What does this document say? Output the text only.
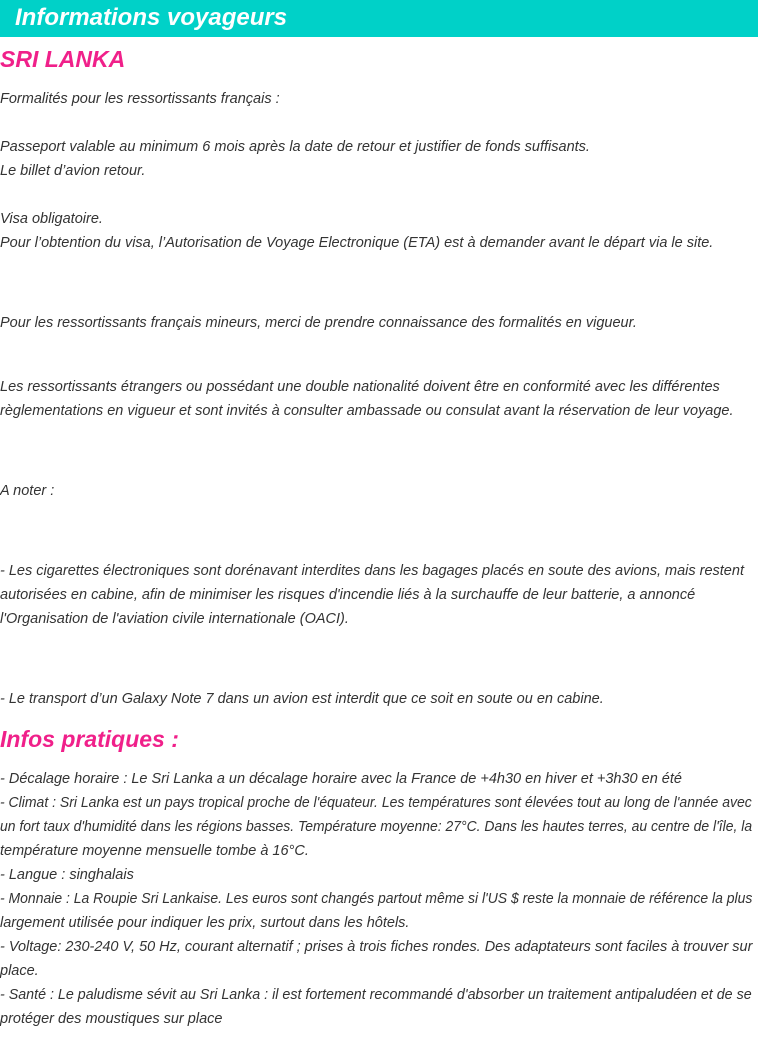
Informations voyageurs
SRI LANKA
Formalités pour les ressortissants français :
Passeport valable au minimum 6 mois après la date de retour et justifier de fonds suffisants.
Le billet d’avion retour.
Visa obligatoire.
Pour l’obtention du visa, l’Autorisation de Voyage Electronique (ETA) est à demander avant le départ via le site.
Pour les ressortissants français mineurs, merci de prendre connaissance des formalités en vigueur.
Les ressortissants étrangers ou possédant une double nationalité doivent être en conformité avec les différentes
règlementations en vigueur et sont invités à consulter ambassade ou consulat avant la réservation de leur voyage.
A noter :
- Les cigarettes électroniques sont dorénavant interdites dans les bagages placés en soute des avions, mais restent
autorisées en cabine, afin de minimiser les risques d'incendie liés à la surchauffe de leur batterie, a annoncé
l'Organisation de l'aviation civile internationale (OACI).
- Le transport d’un Galaxy Note 7 dans un avion est interdit que ce soit en soute ou en cabine.
Infos pratiques :
- Décalage horaire : Le Sri Lanka a un décalage horaire avec la France de +4h30 en hiver et +3h30 en été
- Climat : Sri Lanka est un pays tropical proche de l'équateur. Les températures sont élevées tout au long de l'année avec
un fort taux d'humidité dans les régions basses. Température moyenne: 27°C. Dans les hautes terres, au centre de l'île, la
température moyenne mensuelle tombe à 16°C.
- Langue : singhalais
- Monnaie : La Roupie Sri Lankaise. Les euros sont changés partout même si l'US $ reste la monnaie de référence la plus
largement utilisée pour indiquer les prix, surtout dans les hôtels.
- Voltage: 230-240 V, 50 Hz, courant alternatif ; prises à trois fiches rondes. Des adaptateurs sont faciles à trouver sur
place.
- Santé : Le paludisme sévit au Sri Lanka : il est fortement recommandé d'absorber un traitement antipaludéen et de se
protéger des moustiques sur place
